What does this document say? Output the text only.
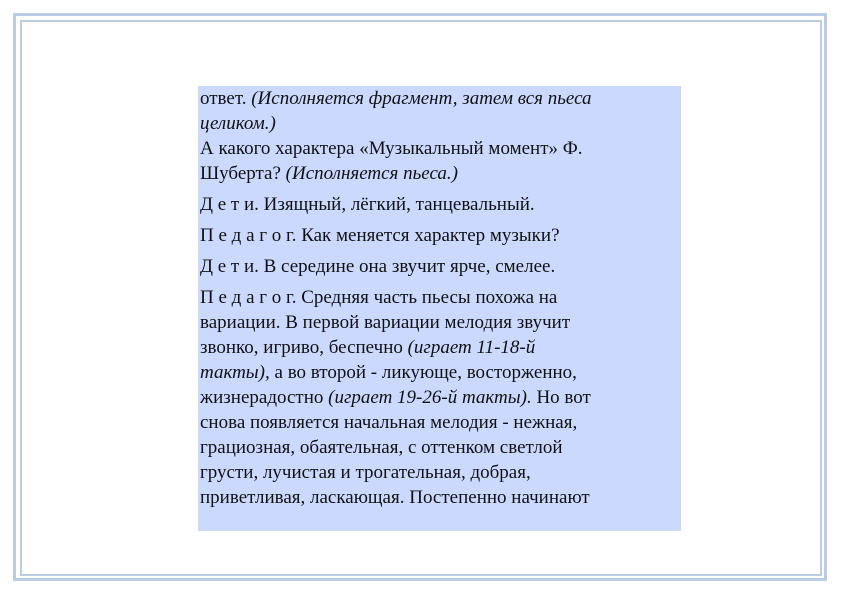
ответ. (Исполняется фрагмент, затем вся пьеса
целиком.)
А какого характера «Музыкальный момент» Ф.
Шуберта? (Исполняется пьеса.)
Д е т и. Изящный, лёгкий, танцевальный.
П е д а г о г. Как меняется характер музыки?
Д е т и. В середине она звучит ярче, смелее.
П е д а г о г. Средняя часть пьесы похожа на
вариации. В первой вариации мелодия звучит
звонко, игриво, беспечно (играет 11-18-й
такты), а во второй - ликующе, восторженно,
жизнерадостно (играет 19-26-й такты). Но вот
снова появляется начальная мелодия - нежная,
грациозная, обаятельная, с оттенком светлой
грусти, лучистая и трогательная, добрая,
приветливая, ласкающая. Постепенно начинают
